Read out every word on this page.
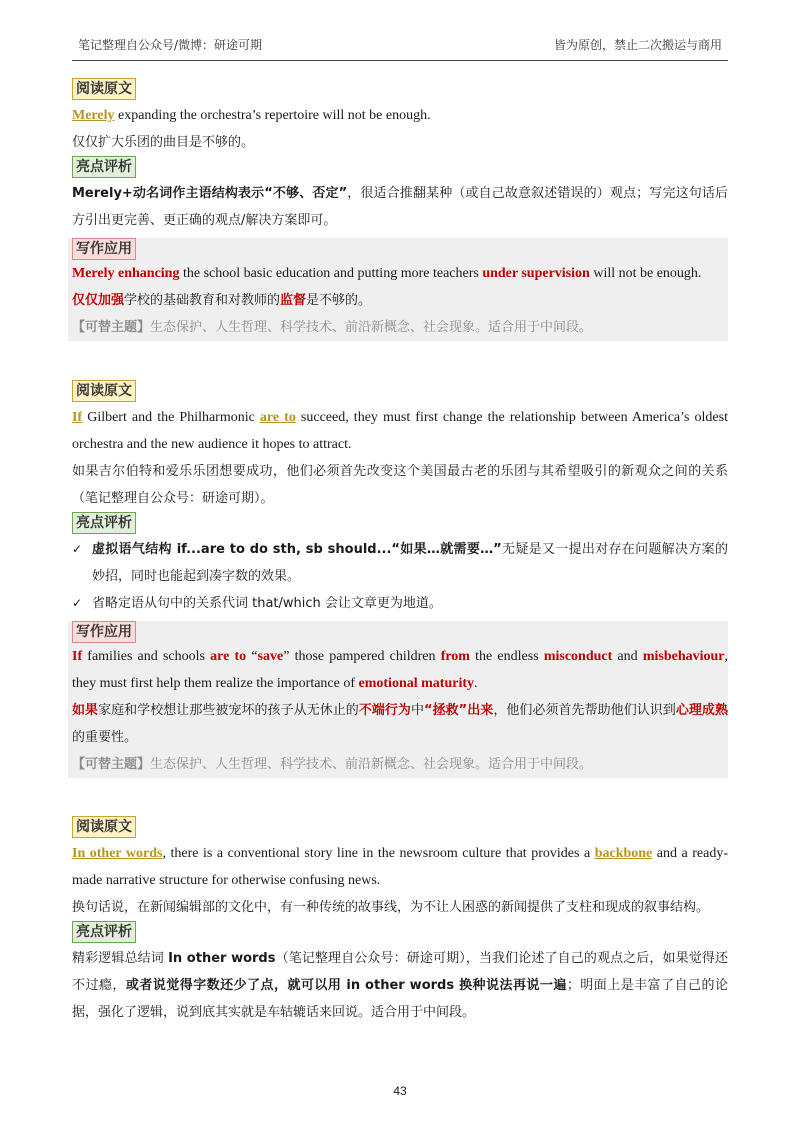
笔记整理自公众号/微博：研途可期	皆为原创，禁止二次搬运与商用
阅读原文

Merely expanding the orchestra’s repertoire will not be enough.

仅仅扩大乐团的曲目是不够的。

亮点评析

Merely+动名词作主语结构表示“不够、否定”，很适合推翻某种（或自己故意叙述错误的）观点；写完这句话后方引出更完善、更正确的观点/解决方案即可。

写作应用

Merely enhancing the school basic education and putting more teachers under supervision will not be enough.

仅仅加强学校的基础教育和对教师的监督是不够的。

【可替主题】生态保护、人生哲理、科学技术、前沿新概念、社会现象。适合用于中间段。

阅读原文

If Gilbert and the Philharmonic are to succeed, they must first change the relationship between America’s oldest orchestra and the new audience it hopes to attract.

如果吉尔伯特和爱乐乐团想要成功，他们必须首先改变这个美国最古老的乐团与其希望吸引的新观众之间的关系（笔记整理自公众号：研途可期）。

亮点评析

✓ 虚拟语气结构 if...are to do sth, sb should...“如果…就需要…”无疑是又一提出对存在问题解决方案的妙招，同时也能起到凑字数的效果。

✓ 省略定语从句中的关系代词 that/which 会让文章更为地道。

写作应用

If families and schools are to “save” those pampered children from the endless misconduct and misbehaviour, they must first help them realize the importance of emotional maturity.

如果家庭和学校想让那些被宠坏的孩子从无休止的不端行为中“拯救”出来，他们必须首先帮助他们认识到心理成熟的重要性。

【可替主题】生态保护、人生哲理、科学技术、前沿新概念、社会现象。适合用于中间段。

阅读原文

In other words, there is a conventional story line in the newsroom culture that provides a backbone and a ready-made narrative structure for otherwise confusing news.

换句话说，在新闻编辑部的文化中，有一种传统的故事线，为不让人困惑的新闻提供了支柱和现成的叙事结构。

亮点评析

精彩逻辑总结词 In other words（笔记整理自公众号：研途可期），当我们论述了自己的观点之后，如果觉得还不过瘾，或者说觉得字数还少了点，就可以用 in other words 换种说法再说一遍；明面上是丰富了自己的论据，强化了逻辑，说到底其实就是车轱辘话来回说。适合用于中间段。

43
